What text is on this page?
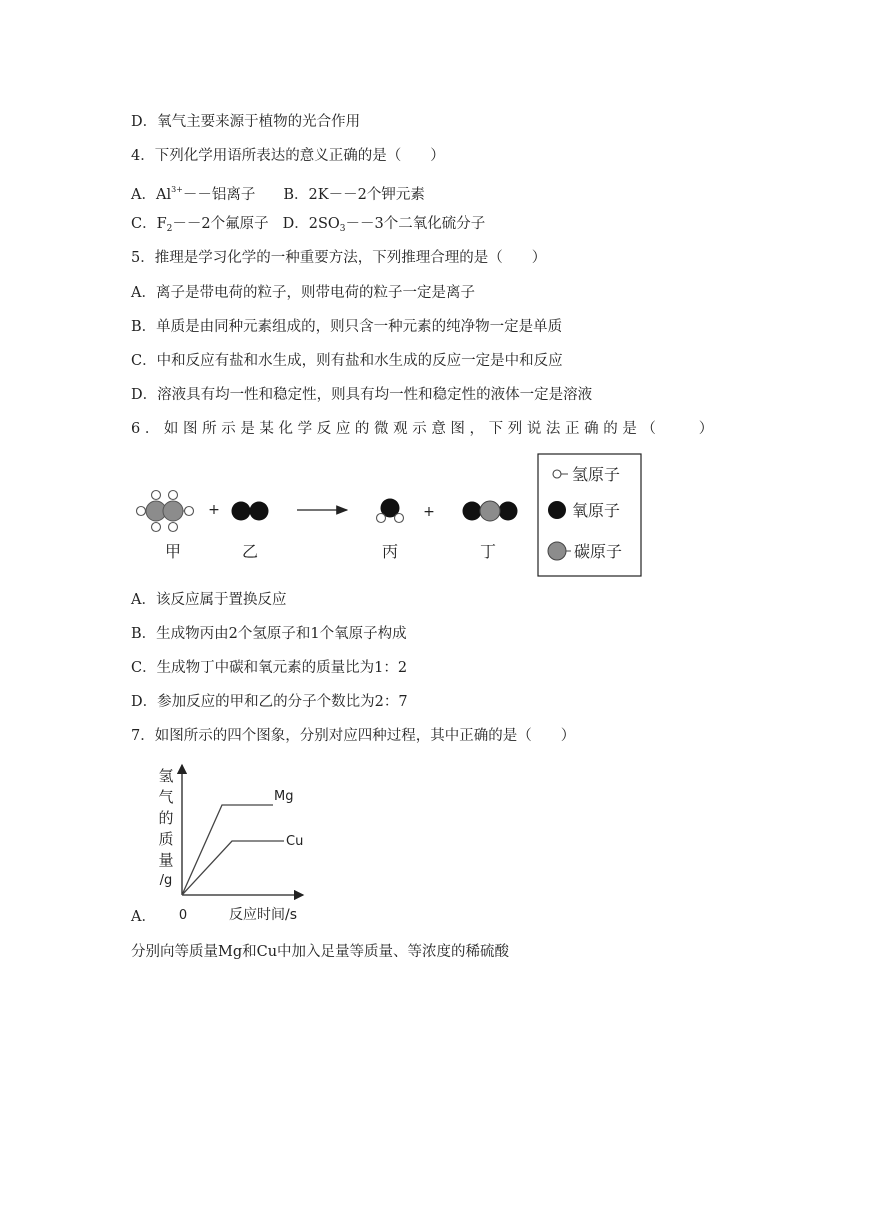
D．氧气主要来源于植物的光合作用
4．下列化学用语所表达的意义正确的是（　　）
A．$Al^{3+}--$铝离子 B．2K－－2个钾元素
C．$F_2--2$个氟原子 D．$2SO_3--3$个二氧化硫分子
5．推理是学习化学的一种重要方法，下列推理合理的是（　　）
A．离子是带电荷的粒子，则带电荷的粒子一定是离子
B．单质是由同种元素组成的，则只含一种元素的纯净物一定是单质
C．中和反应有盐和水生成，则有盐和水生成的反应一定是中和反应
D．溶液具有均一性和稳定性，则具有均一性和稳定性的液体一定是溶液
6．如图所示是某化学反应的微观示意图，下列说法正确的是（　　）
+	+
甲	乙	丙	丁
氢原子
氧原子
碳原子
A．该反应属于置换反应
B．生成物丙由2个氢原子和1个氧原子构成
C．生成物丁中碳和氧元素的质量比为1：2
D．参加反应的甲和乙的分子个数比为2：7
7．如图所示的四个图象，分别对应四种过程，其中正确的是（　　）
Mg
Cu
氢
气
的
质
量
/g
0	反应时间/s
A．
分别向等质量Mg和Cu中加入足量等质量、等浓度的稀硫酸
